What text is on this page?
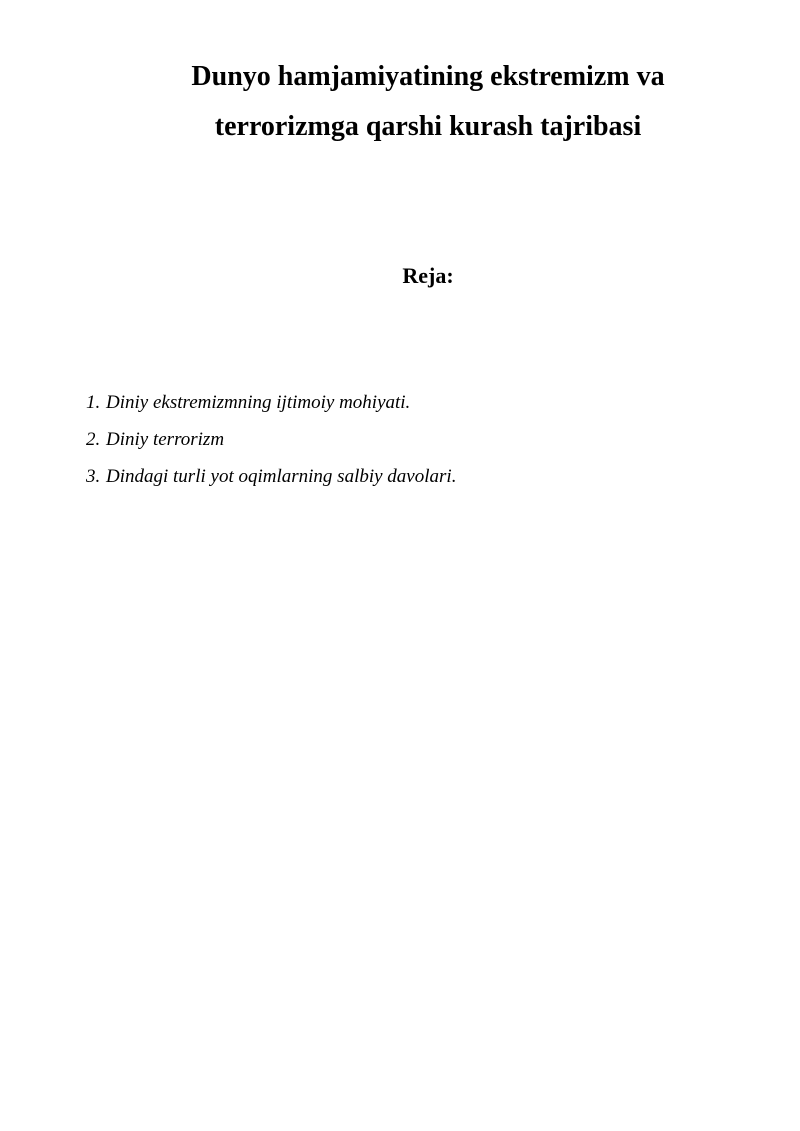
Dunyo hamjamiyatining ekstremizm va
terrorizmga qarshi kurash tajribasi
Reja:
1. Diniy ekstremizmning ijtimoiy mohiyati.
2. Diniy terrorizm
3. Dindagi turli yot oqimlarning salbiy davolari.
